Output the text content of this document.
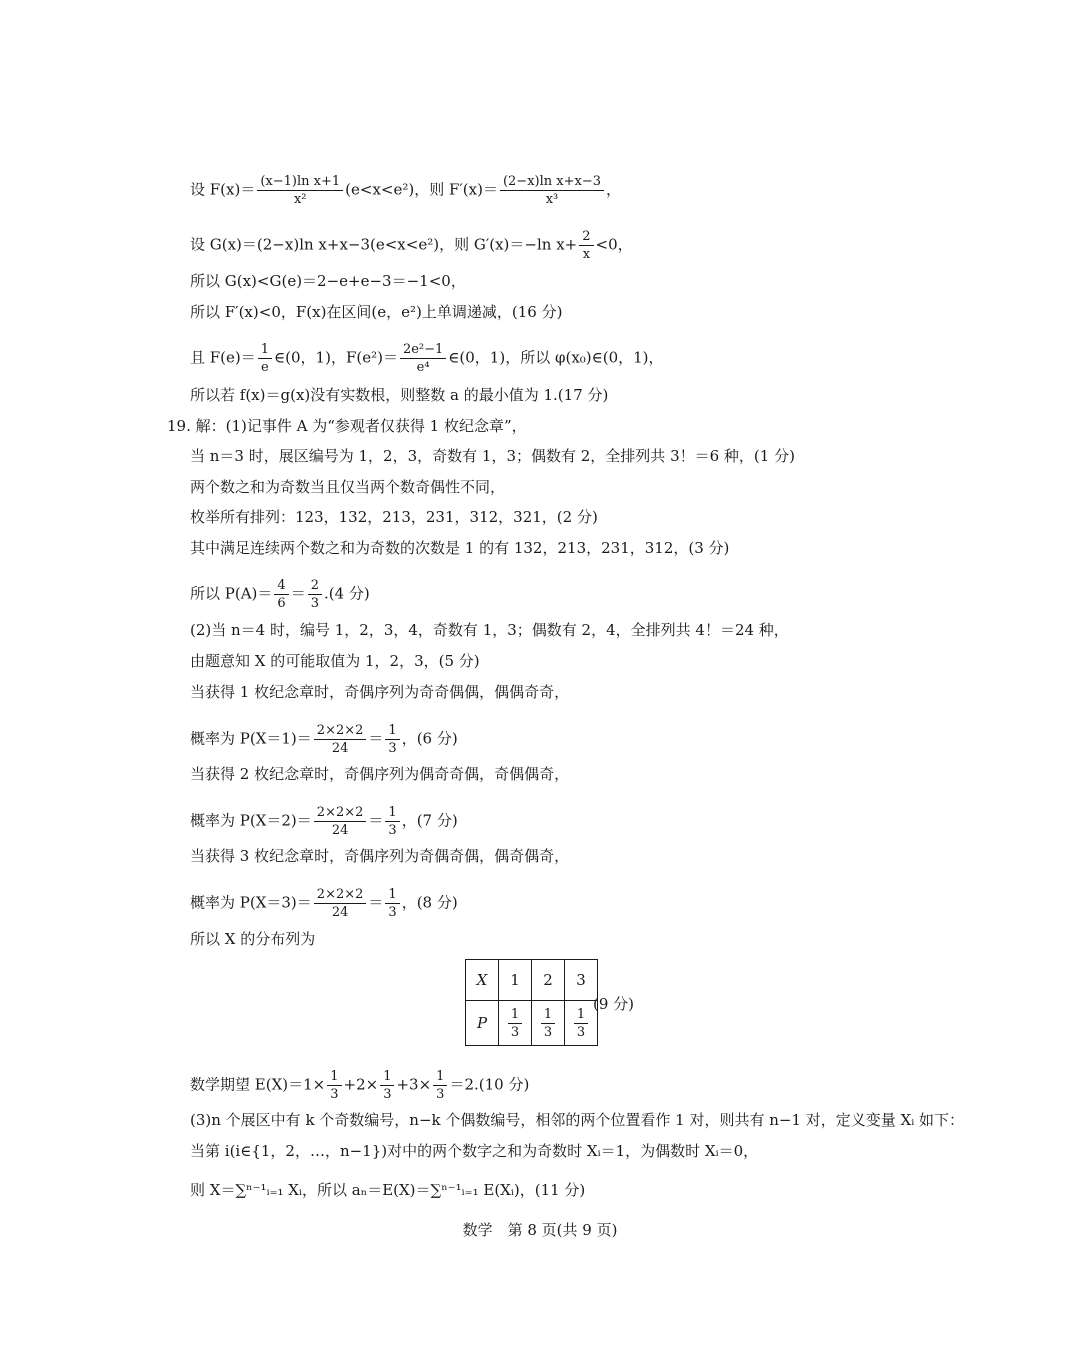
设 $F(x)= \frac{\text{(x−1)ln x+1}}{\text{x²}} (e<x<e^2)$，则 $F'(x)= \frac{\text{(2−x)ln x+x−3}}{\text{x³}}$ ，
设 G(x)＝(2−x)ln x+x−3(e<x<e²)，则 G′(x)＝−ln $x+ \frac{2}{x} <0$，
所以 G(x)<G(e)＝2−e+e−3＝−1<0，
所以 F′(x)<0，F(x)在区间(e，e²)上单调递减，(16 分)
且 $F(e)= \frac{1}{e}$ ∈(0，1)，$F(e^2)= \frac{\text{2e²−1}}{\text{e⁴}}$ ∈(0，1)，所以 φ(x₀)∈(0，1)，
所以若 f(x)＝g(x)没有实数根，则整数 a 的最小值为 1.(17 分)
19. 解：(1)记事件 A 为“参观者仅获得 1 枚纪念章”，
当 n＝3 时，展区编号为 1，2，3，奇数有 1，3；偶数有 2，全排列共 3！＝6 种，(1 分)
两个数之和为奇数当且仅当两个数奇偶性不同，
枚举所有排列：123，132，213，231，312，321，(2 分)
其中满足连续两个数之和为奇数的次数是 1 的有 132，213，231，312，(3 分)
所以 $P(A)= \frac{4}{6} = \frac{2}{3} .(4$ 分)
(2)当 n＝4 时，编号 1，2，3，4，奇数有 1，3；偶数有 2，4，全排列共 4！＝24 种，
由题意知 X 的可能取值为 1，2，3，(5 分)
当获得 1 枚纪念章时，奇偶序列为奇奇偶偶，偶偶奇奇，
概率为 $P(X=1)= \frac{2\times 2\times 2}{24} = \frac{1}{3}$ ，(6 分)
当获得 2 枚纪念章时，奇偶序列为偶奇奇偶，奇偶偶奇，
概率为 $P(X=2)= \frac{2\times 2\times 2}{24} = \frac{1}{3}$ ，(7 分)
当获得 3 枚纪念章时，奇偶序列为奇偶奇偶，偶奇偶奇，
概率为 $P(X=3)= \frac{2\times 2\times 2}{24} = \frac{1}{3}$ ，(8 分)
所以 X 的分布列为
X	1	2	3
P	$\frac{1}{3}$	$\frac{1}{3}$	$\frac{1}{3}$
(9 分)
数学期望 $E(X)=1\times \frac{1}{3} +2\times \frac{1}{3} +3\times \frac{1}{3} =2.(10$ 分)
(3)n 个展区中有 k 个奇数编号，n−k 个偶数编号，相邻的两个位置看作 1 对，则共有 n−1 对，定义变量 Xᵢ 如下：
当第 i(i∈{1，2，…，n−1})对中的两个数字之和为奇数时 Xᵢ＝1，为偶数时 Xᵢ＝0，
则 X＝∑ⁿ⁻¹ᵢ₌₁ Xᵢ，所以 aₙ＝E(X)＝∑ⁿ⁻¹ᵢ₌₁ E(Xᵢ)，(11 分)
数学　第 8 页(共 9 页)
